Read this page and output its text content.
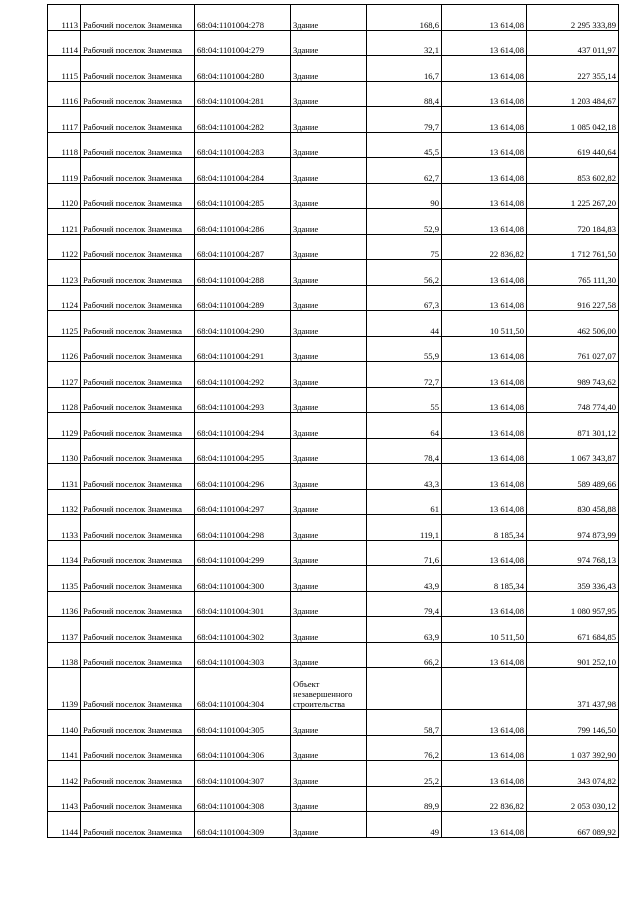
1113	Рабочий поселок Знаменка	68:04:1101004:278	Здание	168,6	13 614,08	2 295 333,89
1114	Рабочий поселок Знаменка	68:04:1101004:279	Здание	32,1	13 614,08	437 011,97
1115	Рабочий поселок Знаменка	68:04:1101004:280	Здание	16,7	13 614,08	227 355,14
1116	Рабочий поселок Знаменка	68:04:1101004:281	Здание	88,4	13 614,08	1 203 484,67
1117	Рабочий поселок Знаменка	68:04:1101004:282	Здание	79,7	13 614,08	1 085 042,18
1118	Рабочий поселок Знаменка	68:04:1101004:283	Здание	45,5	13 614,08	619 440,64
1119	Рабочий поселок Знаменка	68:04:1101004:284	Здание	62,7	13 614,08	853 602,82
1120	Рабочий поселок Знаменка	68:04:1101004:285	Здание	90	13 614,08	1 225 267,20
1121	Рабочий поселок Знаменка	68:04:1101004:286	Здание	52,9	13 614,08	720 184,83
1122	Рабочий поселок Знаменка	68:04:1101004:287	Здание	75	22 836,82	1 712 761,50
1123	Рабочий поселок Знаменка	68:04:1101004:288	Здание	56,2	13 614,08	765 111,30
1124	Рабочий поселок Знаменка	68:04:1101004:289	Здание	67,3	13 614,08	916 227,58
1125	Рабочий поселок Знаменка	68:04:1101004:290	Здание	44	10 511,50	462 506,00
1126	Рабочий поселок Знаменка	68:04:1101004:291	Здание	55,9	13 614,08	761 027,07
1127	Рабочий поселок Знаменка	68:04:1101004:292	Здание	72,7	13 614,08	989 743,62
1128	Рабочий поселок Знаменка	68:04:1101004:293	Здание	55	13 614,08	748 774,40
1129	Рабочий поселок Знаменка	68:04:1101004:294	Здание	64	13 614,08	871 301,12
1130	Рабочий поселок Знаменка	68:04:1101004:295	Здание	78,4	13 614,08	1 067 343,87
1131	Рабочий поселок Знаменка	68:04:1101004:296	Здание	43,3	13 614,08	589 489,66
1132	Рабочий поселок Знаменка	68:04:1101004:297	Здание	61	13 614,08	830 458,88
1133	Рабочий поселок Знаменка	68:04:1101004:298	Здание	119,1	8 185,34	974 873,99
1134	Рабочий поселок Знаменка	68:04:1101004:299	Здание	71,6	13 614,08	974 768,13
1135	Рабочий поселок Знаменка	68:04:1101004:300	Здание	43,9	8 185,34	359 336,43
1136	Рабочий поселок Знаменка	68:04:1101004:301	Здание	79,4	13 614,08	1 080 957,95
1137	Рабочий поселок Знаменка	68:04:1101004:302	Здание	63,9	10 511,50	671 684,85
1138	Рабочий поселок Знаменка	68:04:1101004:303	Здание	66,2	13 614,08	901 252,10
1139	Рабочий поселок Знаменка	68:04:1101004:304	Объект незавершенного строительства			371 437,98
1140	Рабочий поселок Знаменка	68:04:1101004:305	Здание	58,7	13 614,08	799 146,50
1141	Рабочий поселок Знаменка	68:04:1101004:306	Здание	76,2	13 614,08	1 037 392,90
1142	Рабочий поселок Знаменка	68:04:1101004:307	Здание	25,2	13 614,08	343 074,82
1143	Рабочий поселок Знаменка	68:04:1101004:308	Здание	89,9	22 836,82	2 053 030,12
1144	Рабочий поселок Знаменка	68:04:1101004:309	Здание	49	13 614,08	667 089,92
